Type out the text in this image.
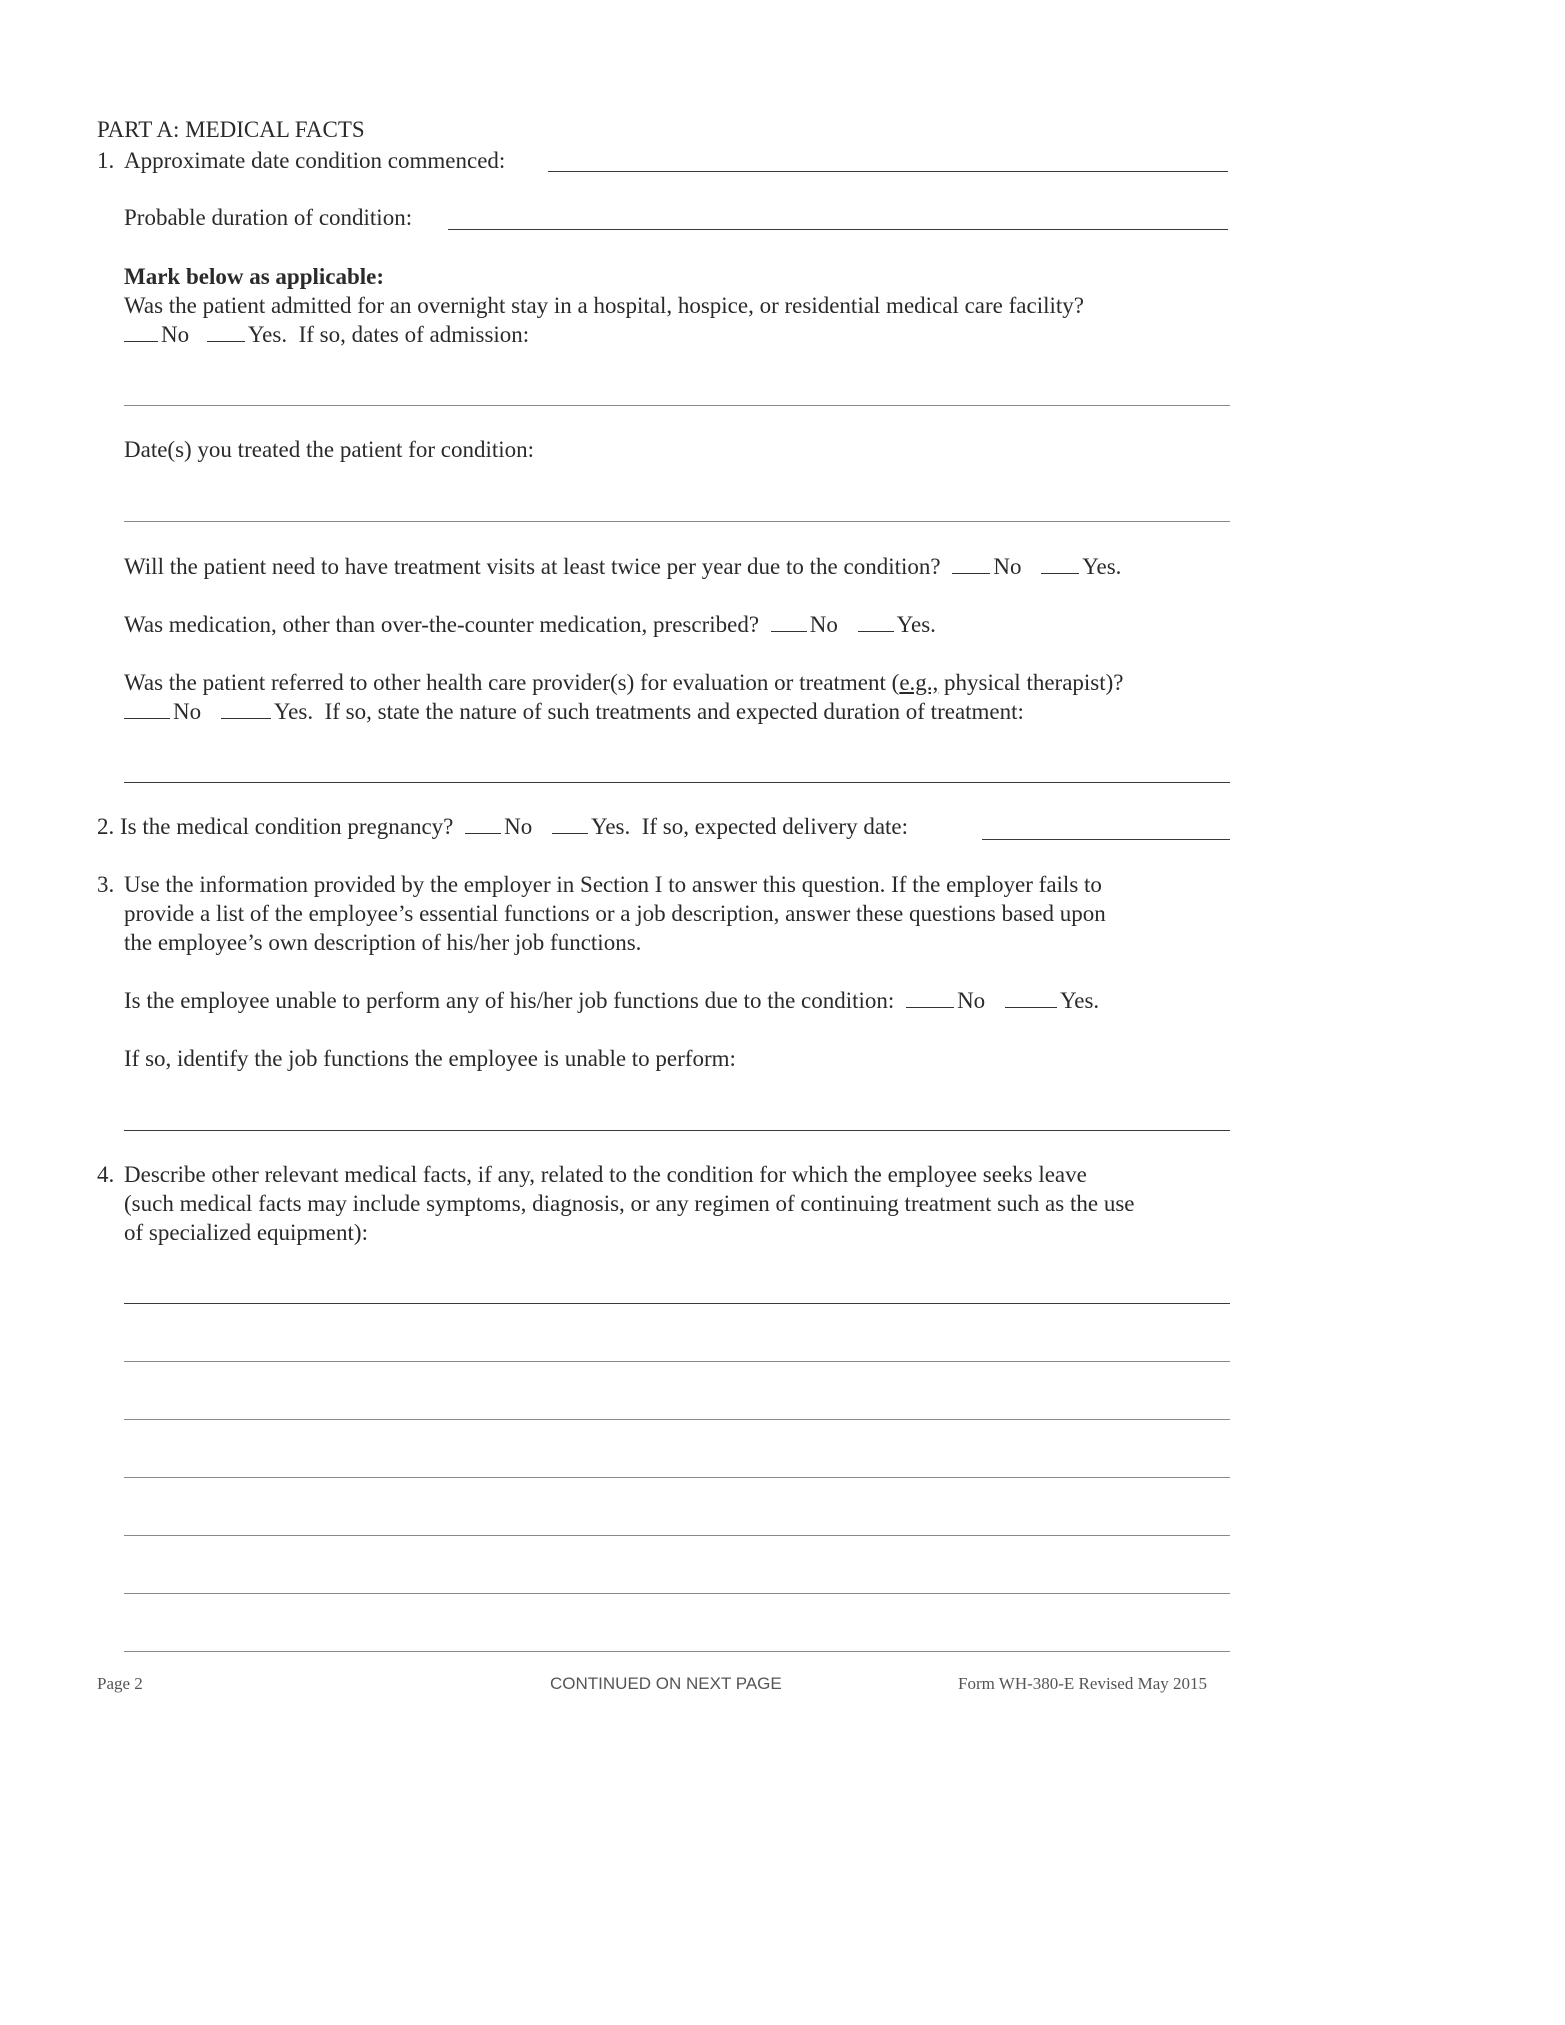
PART A: MEDICAL FACTS
1. Approximate date condition commenced:
Probable duration of condition:
Mark below as applicable:
Was the patient admitted for an overnight stay in a hospital, hospice, or residential medical care facility?
No	Yes. If so, dates of admission:
Date(s) you treated the patient for condition:
Will the patient need to have treatment visits at least twice per year due to the condition? No	Yes.
Was medication, other than over-the-counter medication, prescribed? No	Yes.
Was the patient referred to other health care provider(s) for evaluation or treatment (e.g., physical therapist)?
No	Yes. If so, state the nature of such treatments and expected duration of treatment:
2. Is the medical condition pregnancy? No	Yes. If so, expected delivery date:
3. Use the information provided by the employer in Section I to answer this question. If the employer fails to
provide a list of the employee’s essential functions or a job description, answer these questions based upon
the employee’s own description of his/her job functions.
Is the employee unable to perform any of his/her job functions due to the condition:	No	Yes.
If so, identify the job functions the employee is unable to perform:
4. Describe other relevant medical facts, if any, related to the condition for which the employee seeks leave
(such medical facts may include symptoms, diagnosis, or any regimen of continuing treatment such as the use
of specialized equipment):
Page 2	CONTINUED ON NEXT PAGE	Form WH-380-E Revised May 2015
